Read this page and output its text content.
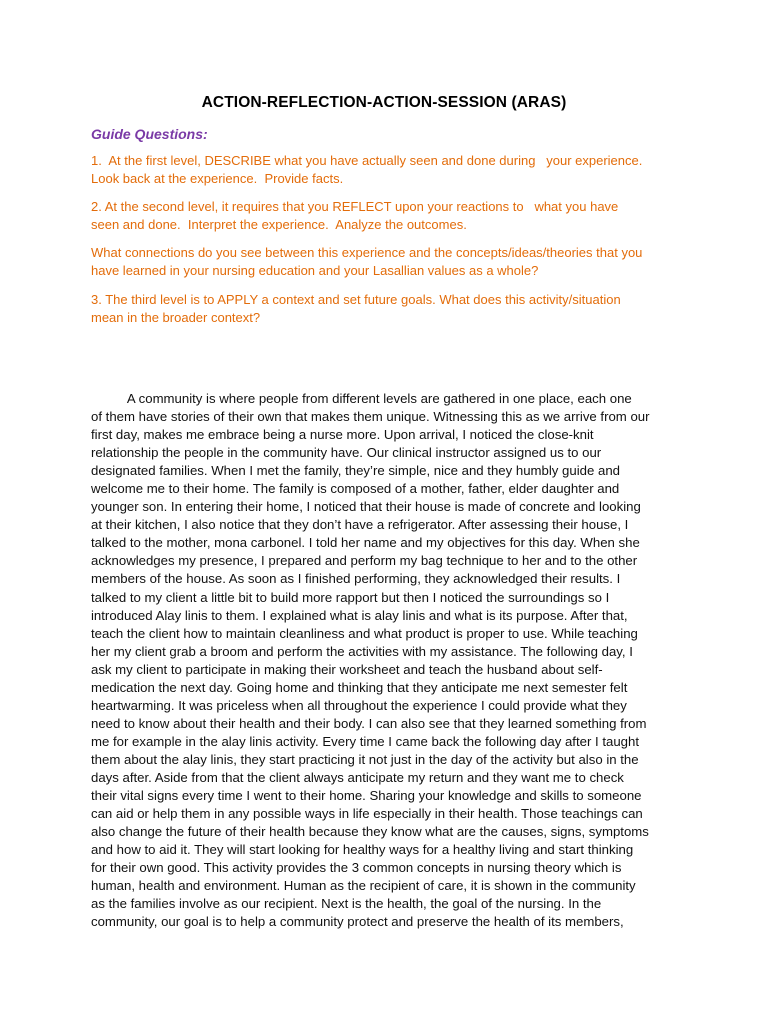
ACTION-REFLECTION-ACTION-SESSION (ARAS)

Guide Questions:

1.  At the first level, DESCRIBE what you have actually seen and done during   your experience.
Look back at the experience.  Provide facts.

2. At the second level, it requires that you REFLECT upon your reactions to   what you have
seen and done.  Interpret the experience.  Analyze the outcomes.

What connections do you see between this experience and the concepts/ideas/theories that you
have learned in your nursing education and your Lasallian values as a whole?

3. The third level is to APPLY a context and set future goals. What does this activity/situation
mean in the broader context?

A community is where people from different levels are gathered in one place, each one
of them have stories of their own that makes them unique. Witnessing this as we arrive from our
first day, makes me embrace being a nurse more. Upon arrival, I noticed the close-knit
relationship the people in the community have. Our clinical instructor assigned us to our
designated families. When I met the family, they’re simple, nice and they humbly guide and
welcome me to their home. The family is composed of a mother, father, elder daughter and
younger son. In entering their home, I noticed that their house is made of concrete and looking
at their kitchen, I also notice that they don’t have a refrigerator. After assessing their house, I
talked to the mother, mona carbonel. I told her name and my objectives for this day. When she
acknowledges my presence, I prepared and perform my bag technique to her and to the other
members of the house. As soon as I finished performing, they acknowledged their results. I
talked to my client a little bit to build more rapport but then I noticed the surroundings so I
introduced Alay linis to them. I explained what is alay linis and what is its purpose. After that,
teach the client how to maintain cleanliness and what product is proper to use. While teaching
her my client grab a broom and perform the activities with my assistance. The following day, I
ask my client to participate in making their worksheet and teach the husband about self-
medication the next day. Going home and thinking that they anticipate me next semester felt
heartwarming. It was priceless when all throughout the experience I could provide what they
need to know about their health and their body. I can also see that they learned something from
me for example in the alay linis activity. Every time I came back the following day after I taught
them about the alay linis, they start practicing it not just in the day of the activity but also in the
days after. Aside from that the client always anticipate my return and they want me to check
their vital signs every time I went to their home. Sharing your knowledge and skills to someone
can aid or help them in any possible ways in life especially in their health. Those teachings can
also change the future of their health because they know what are the causes, signs, symptoms
and how to aid it. They will start looking for healthy ways for a healthy living and start thinking
for their own good. This activity provides the 3 common concepts in nursing theory which is
human, health and environment. Human as the recipient of care, it is shown in the community
as the families involve as our recipient. Next is the health, the goal of the nursing. In the
community, our goal is to help a community protect and preserve the health of its members,
